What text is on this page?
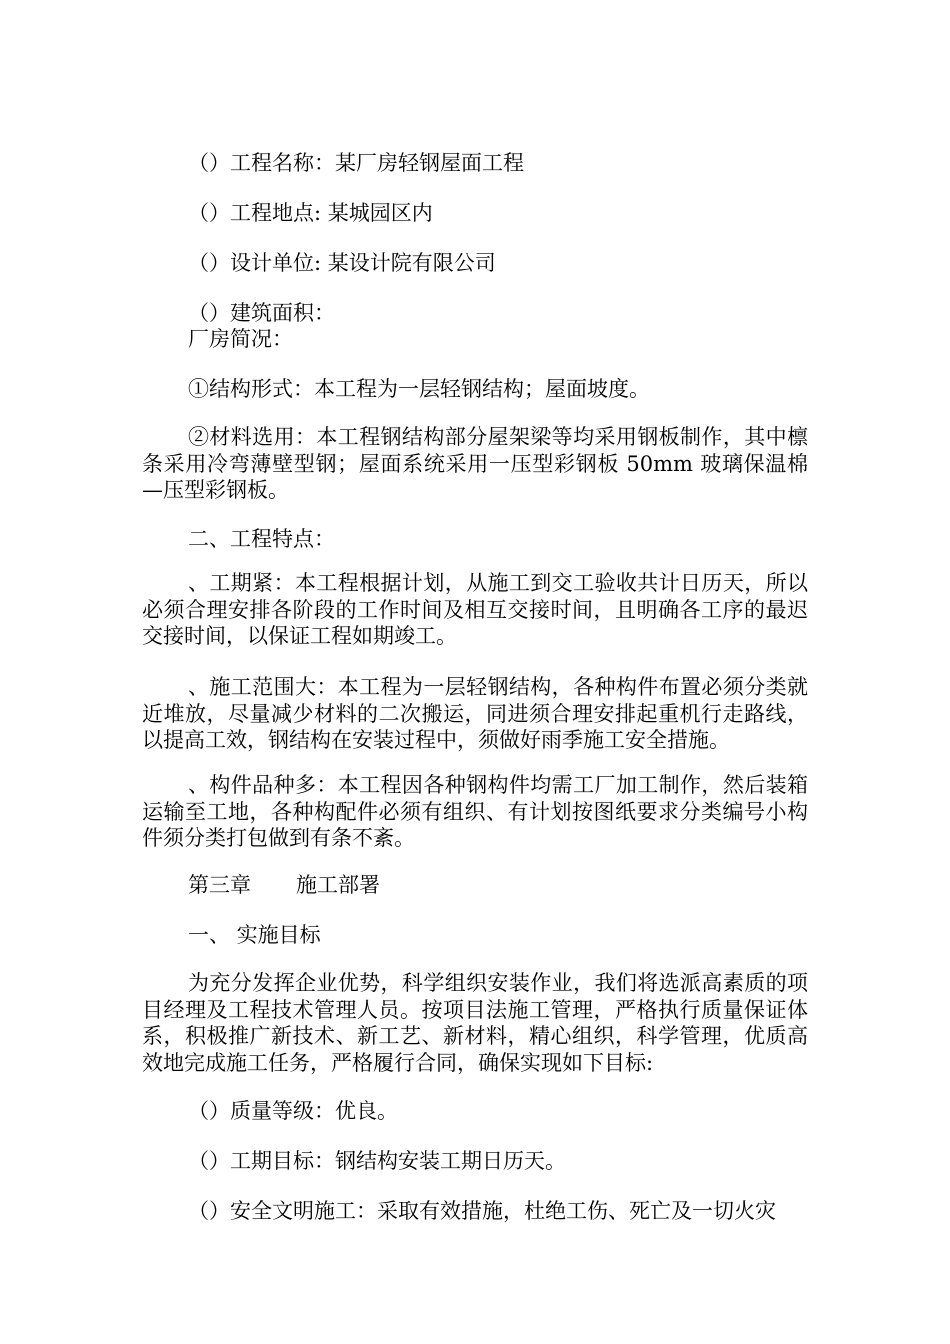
（）工程名称：某厂房轻钢屋面工程

（）工程地点: 某城园区内

（）设计单位: 某设计院有限公司

（）建筑面积：

厂房简况：

①结构形式：本工程为一层轻钢结构；屋面坡度。

②材料选用：本工程钢结构部分屋架梁等均采用钢板制作，其中檩条采用冷弯薄壁型钢；屋面系统采用一压型彩钢板 50mm 玻璃保温棉—压型彩钢板。

二、工程特点：

、工期紧：本工程根据计划，从施工到交工验收共计日历天，所以必须合理安排各阶段的工作时间及相互交接时间，且明确各工序的最迟交接时间，以保证工程如期竣工。

、施工范围大：本工程为一层轻钢结构，各种构件布置必须分类就近堆放，尽量减少材料的二次搬运，同进须合理安排起重机行走路线，以提高工效，钢结构在安装过程中，须做好雨季施工安全措施。

、构件品种多：本工程因各种钢构件均需工厂加工制作，然后装箱运输至工地，各种构配件必须有组织、有计划按图纸要求分类编号小构件须分类打包做到有条不紊。

第三章 施工部署

一、 实施目标

为充分发挥企业优势，科学组织安装作业，我们将选派高素质的项目经理及工程技术管理人员。按项目法施工管理，严格执行质量保证体系，积极推广新技术、新工艺、新材料，精心组织，科学管理，优质高效地完成施工任务，严格履行合同，确保实现如下目标:

（）质量等级：优良。

（）工期目标：钢结构安装工期日历天。

（）安全文明施工：采取有效措施，杜绝工伤、死亡及一切火灾
